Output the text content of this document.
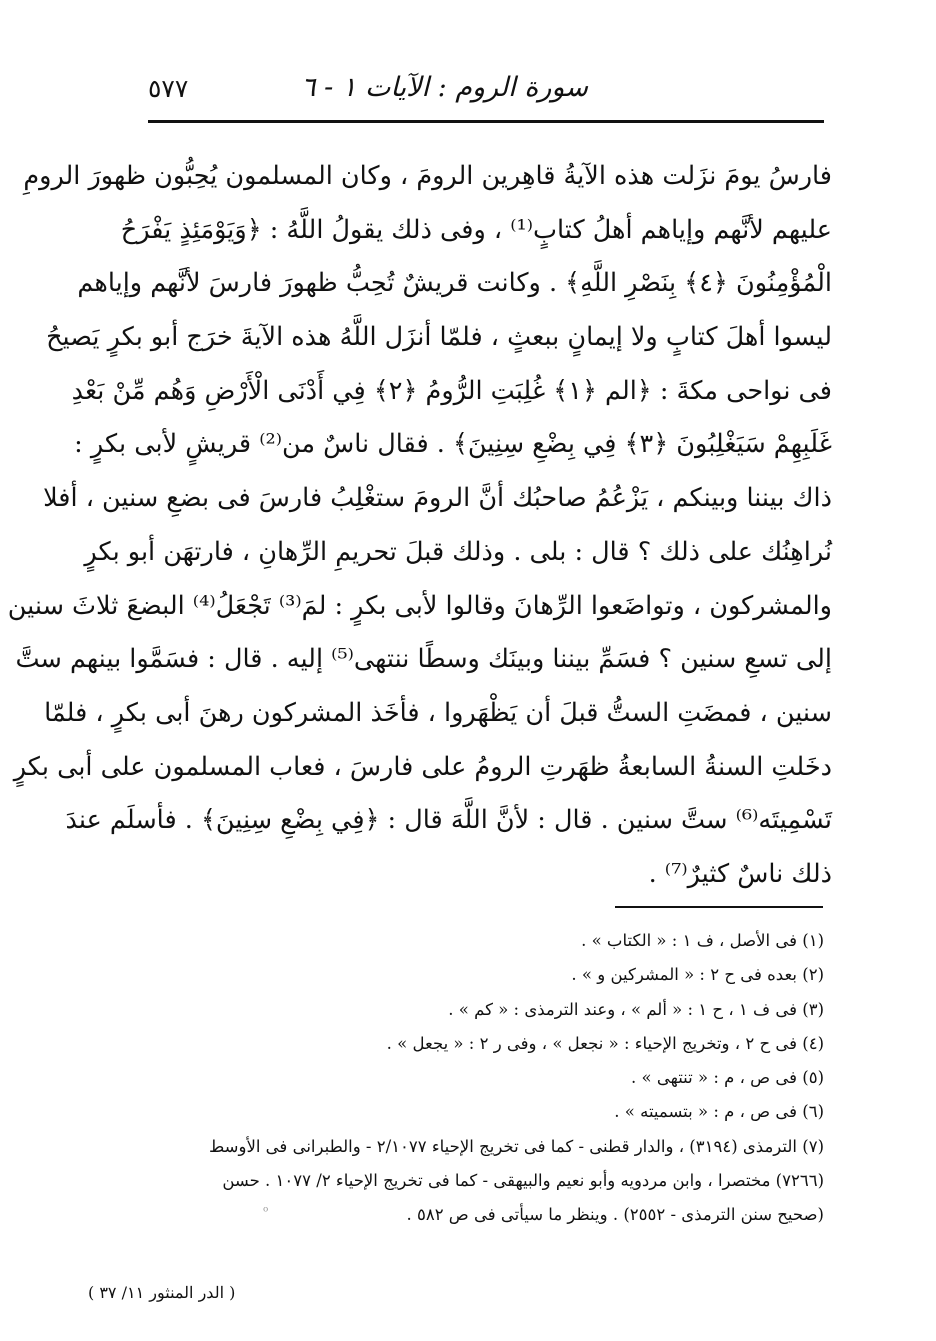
سورة الروم : الآيات ١ - ٦
٥٧٧
فارسُ يومَ نزَلت هذه الآيةُ قاهِرين الرومَ ، وكان المسلمون يُحِبُّون ظهورَ الرومِ
عليهم لأنَّهم وإياهم أهلُ كتابٍ⁽¹⁾ ، وفى ذلك يقولُ اللَّهُ : ﴿وَيَوْمَئِذٍ يَفْرَحُ
الْمُؤْمِنُونَ ﴿٤﴾ بِنَصْرِ اللَّهِ﴾ . وكانت قريشٌ تُحِبُّ ظهورَ فارسَ لأنَّهم وإياهم
ليسوا أهلَ كتابٍ ولا إيمانٍ ببعثٍ ، فلمّا أنزَل اللَّهُ هذه الآيةَ خرَج أبو بكرٍ يَصيحُ
فى نواحى مكةَ : ﴿الم ﴿١﴾ غُلِبَتِ الرُّومُ ﴿٢﴾ فِي أَدْنَى الْأَرْضِ وَهُم مِّنْ بَعْدِ
غَلَبِهِمْ سَيَغْلِبُونَ ﴿٣﴾ فِي بِضْعِ سِنِينَ﴾ . فقال ناسٌ من⁽²⁾ قريشٍ لأبى بكرٍ :
ذاك بيننا وبينكم ، يَزْعُمُ صاحبُك أنَّ الرومَ ستغْلِبُ فارسَ فى بضعِ سنين ، أفلا
نُراهِنُك على ذلك ؟ قال : بلى . وذلك قبلَ تحريمِ الرِّهانِ ، فارتهَن أبو بكرٍ
والمشركون ، وتواضَعوا الرِّهانَ وقالوا لأبى بكرٍ : لمَ⁽³⁾ تَجْعَلُ⁽⁴⁾ البضعَ ثلاثَ سنين
إلى تسعِ سنين ؟ فسَمِّ بيننا وبينَك وسطًا ننتهى⁽⁵⁾ إليه . قال : فسَمَّوا بينهم ستَّ
سنين ، فمضَتِ الستُّ قبلَ أن يَظْهَروا ، فأخَذ المشركون رهنَ أبى بكرٍ ، فلمّا
دخَلتِ السنةُ السابعةُ ظهَرتِ الرومُ على فارسَ ، فعاب المسلمون على أبى بكرٍ
تَسْمِيتَه⁽⁶⁾ ستَّ سنين . قال : لأنَّ اللَّهَ قال : ﴿فِي بِضْعِ سِنِينَ﴾ . فأسلَم عندَ
ذلك ناسٌ كثيرٌ⁽⁷⁾ .
(١) فى الأصل ، ف ١ : « الكتاب » .
(٢) بعده فى ح ٢ : « المشركين و » .
(٣) فى ف ١ ، ح ١ : « ألم » ، وعند الترمذى : « كم » .
(٤) فى ح ٢ ، وتخريج الإحياء : « نجعل » ، وفى ر ٢ : « يجعل » .
(٥) فى ص ، م : « تنتهى » .
(٦) فى ص ، م : « بتسميته » .
(٧) الترمذى (٣١٩٤) ، والدار قطنى - كما فى تخريج الإحياء ٢/١٠٧٧ - والطبرانى فى الأوسط
(٧٢٦٦) مختصرا ، وابن مردويه وأبو نعيم والبيهقى - كما فى تخريج الإحياء ٢/ ١٠٧٧ . حسن
(صحيح سنن الترمذى - ٢٥٥٢) . وينظر ما سيأتى فى ص ٥٨٢ .
ᵒ
( الدر المنثور ١١/ ٣٧ )
